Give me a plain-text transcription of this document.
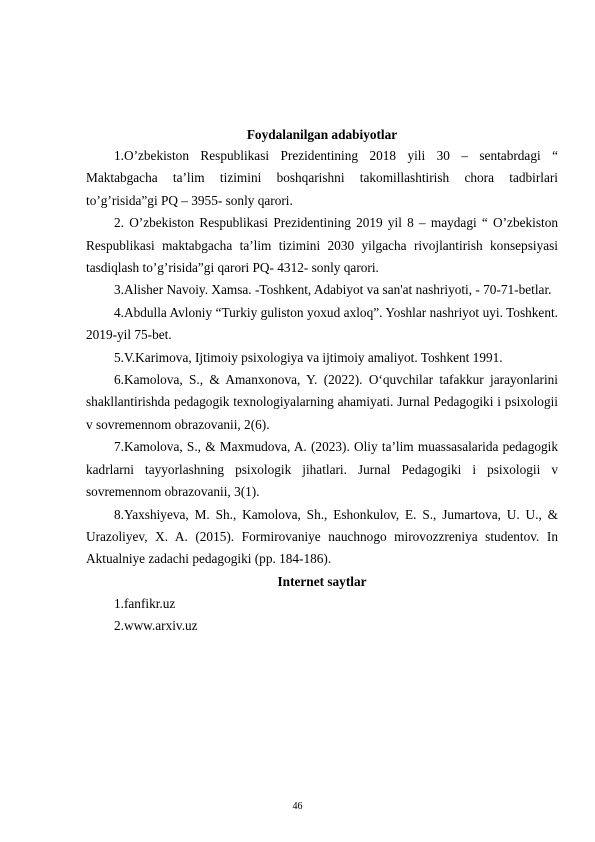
Foydalanilgan adabiyotlar

1.O’zbekiston Respublikasi Prezidentining 2018 yili 30 – sentabrdagi “ Maktabgacha ta’lim tizimini boshqarishni takomillashtirish chora tadbirlari to’g’risida”gi PQ – 3955- sonly qarori.

2. O’zbekiston Respublikasi Prezidentining 2019 yil 8 – maydagi “ O’zbekiston Respublikasi maktabgacha ta’lim tizimini 2030 yilgacha rivojlantirish konsepsiyasi tasdiqlash to’g’risida”gi qarori PQ- 4312- sonly qarori.

3.Alisher Navoiy. Xamsa. -Toshkent, Adabiyot va san'at nashriyoti, - 70-71-betlar.

4.Abdulla Avloniy “Turkiy guliston yoxud axloq”. Yoshlar nashriyot uyi. Toshkent. 2019-yil 75-bet.

5.V.Karimova, Ijtimoiy psixologiya va ijtimoiy amaliyot. Toshkent 1991.

6.Kamolova, S., & Amanxonova, Y. (2022). O‘quvchilar tafakkur jarayonlarini shakllantirishda pedagogik texnologiyalarning ahamiyati. Jurnal Pedagogiki i psixologii v sovremennom obrazovanii, 2(6).

7.Kamolova, S., & Maxmudova, A. (2023). Oliy ta’lim muassasalarida pedagogik kadrlarni tayyorlashning psixologik jihatlari. Jurnal Pedagogiki i psixologii v sovremennom obrazovanii, 3(1).

8.Yaxshiyeva, M. Sh., Kamolova, Sh., Eshonkulov, E. S., Jumartova, U. U., & Urazoliyev, X. A. (2015). Formirovaniye nauchnogo mirovozzreniya studentov. In Aktualniye zadachi pedagogiki (pp. 184-186).

Internet saytlar

1.fanfikr.uz

2.www.arxiv.uz

46
